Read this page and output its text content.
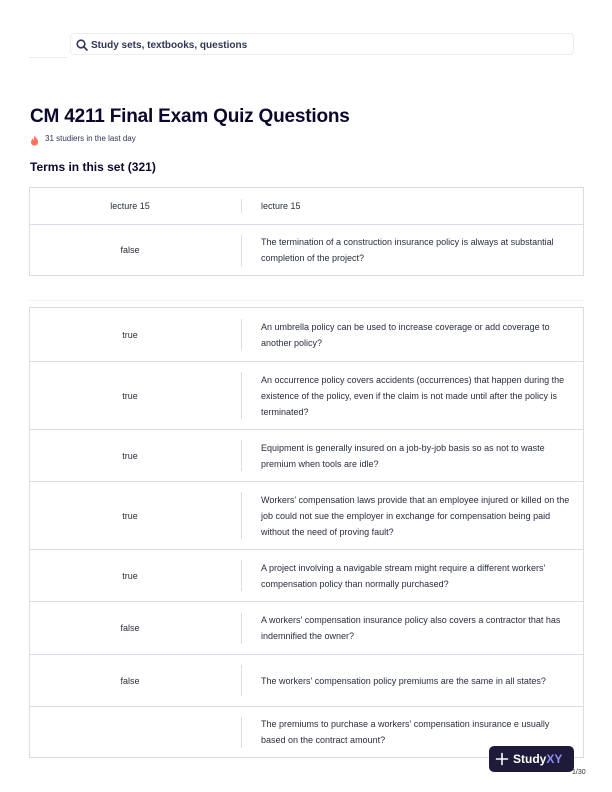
Study sets, textbooks, questions
CM 4211 Final Exam Quiz Questions
31 studiers in the last day
Terms in this set (321)
lecture 15	lecture 15
false
The termination of a construction insurance policy is always at substantial completion of the project?
true
An umbrella policy can be used to increase coverage or add coverage to another policy?
true
An occurrence policy covers accidents (occurrences) that happen during the existence of the policy, even if the claim is not made until after the policy is terminated?
true
Equipment is generally insured on a job-by-job basis so as not to waste premium when tools are idle?
true
Workers' compensation laws provide that an employee injured or killed on the job could not sue the employer in exchange for compensation being paid without the need of proving fault?
true
A project involving a navigable stream might require a different workers' compensation policy than normally purchased?
false
A workers' compensation insurance policy also covers a contractor that has indemnified the owner?
false	The workers' compensation policy premiums are the same in all states?
The premiums to purchase a workers' compensation insurance e usually based on the contract amount?
StudyXY
1/30
